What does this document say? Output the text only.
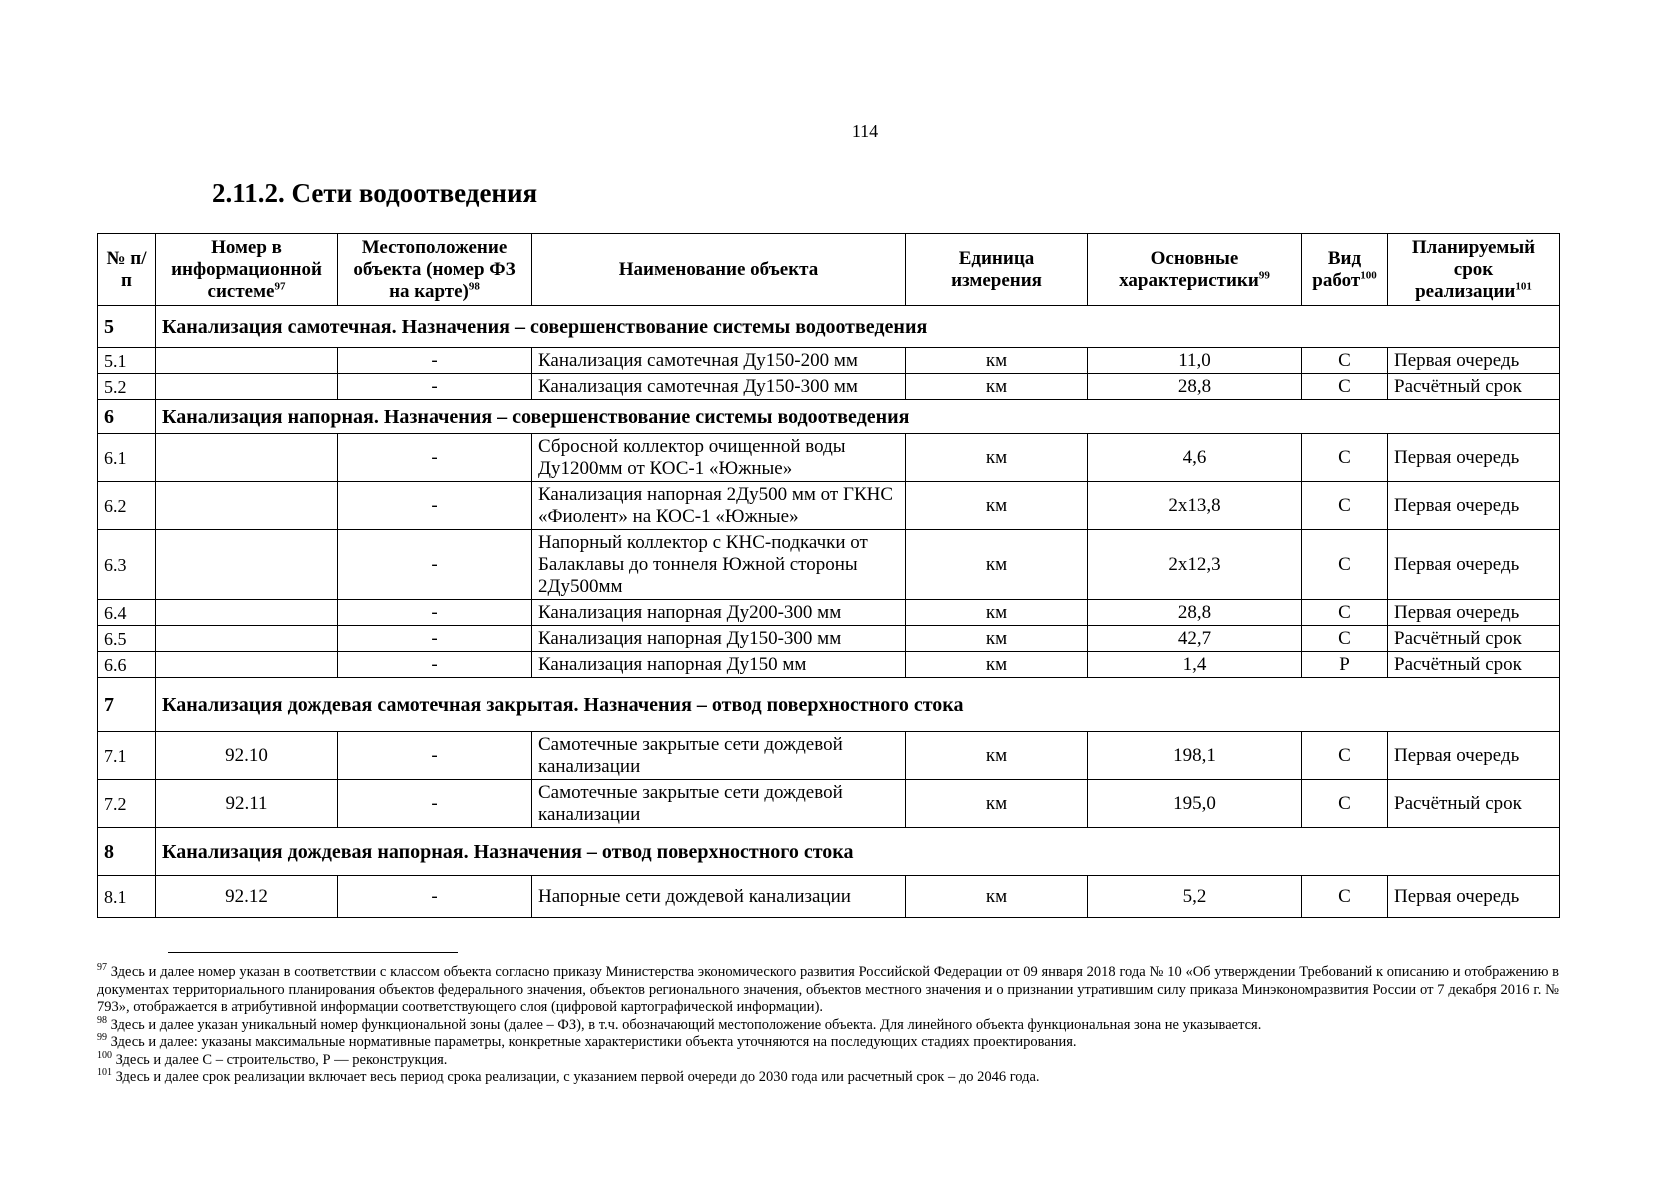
114
2.11.2. Сети водоотведения
№ п/п	Номер в информационной системе$^{97}$	Местоположение объекта (номер ФЗ на карте)$^{98}$	Наименование объекта	Единица измерения	Основные характеристики$^{99}$	Вид работ$^{100}$	Планируемый срок реализации$^{101}$
5	Канализация самотечная. Назначения – совершенствование системы водоотведения						
5.1		-	Канализация самотечная Ду150-200 мм	км	11,0	С	Первая очередь
5.2		-	Канализация самотечная Ду150-300 мм	км	28,8	С	Расчётный срок
6	Канализация напорная. Назначения – совершенствование системы водоотведения						
6.1		-	Сбросной коллектор очищенной воды Ду1200мм от КОС-1 «Южные»	км	4,6	С	Первая очередь
6.2		-	Канализация напорная 2Ду500 мм от ГКНС «Фиолент» на КОС-1 «Южные»	км	2х13,8	С	Первая очередь
6.3		-	Напорный коллектор с КНС-подкачки от Балаклавы до тоннеля Южной стороны 2Ду500мм	км	2х12,3	С	Первая очередь
6.4		-	Канализация напорная Ду200-300 мм	км	28,8	С	Первая очередь
6.5		-	Канализация напорная Ду150-300 мм	км	42,7	С	Расчётный срок
6.6		-	Канализация напорная Ду150 мм	км	1,4	Р	Расчётный срок
7	Канализация дождевая самотечная закрытая. Назначения – отвод поверхностного стока						
7.1	92.10	-	Самотечные закрытые сети дождевой канализации	км	198,1	С	Первая очередь
7.2	92.11	-	Самотечные закрытые сети дождевой канализации	км	195,0	С	Расчётный срок
8	Канализация дождевая напорная. Назначения – отвод поверхностного стока						
8.1	92.12	-	Напорные сети дождевой канализации	км	5,2	С	Первая очередь

$^{97}$ Здесь и далее номер указан в соответствии с классом объекта согласно приказу Министерства экономического развития Российской Федерации от 09 января 2018 года № 10 «Об утверждении Требований к описанию и отображению в документах территориального планирования объектов федерального значения, объектов регионального значения, объектов местного значения и о признании утратившим силу приказа Минэкономразвития России от 7 декабря 2016 г. № 793», отображается в атрибутивной информации соответствующего слоя (цифровой картографической информации).

$^{98}$ Здесь и далее указан уникальный номер функциональной зоны (далее – ФЗ), в т.ч. обозначающий местоположение объекта. Для линейного объекта функциональная зона не указывается.

$^{99}$ Здесь и далее: указаны максимальные нормативные параметры, конкретные характеристики объекта уточняются на последующих стадиях проектирования.

$^{100}$ Здесь и далее С – строительство, Р — реконструкция.

$^{101}$ Здесь и далее срок реализации включает весь период срока реализации, с указанием первой очереди до 2030 года или расчетный срок – до 2046 года.
